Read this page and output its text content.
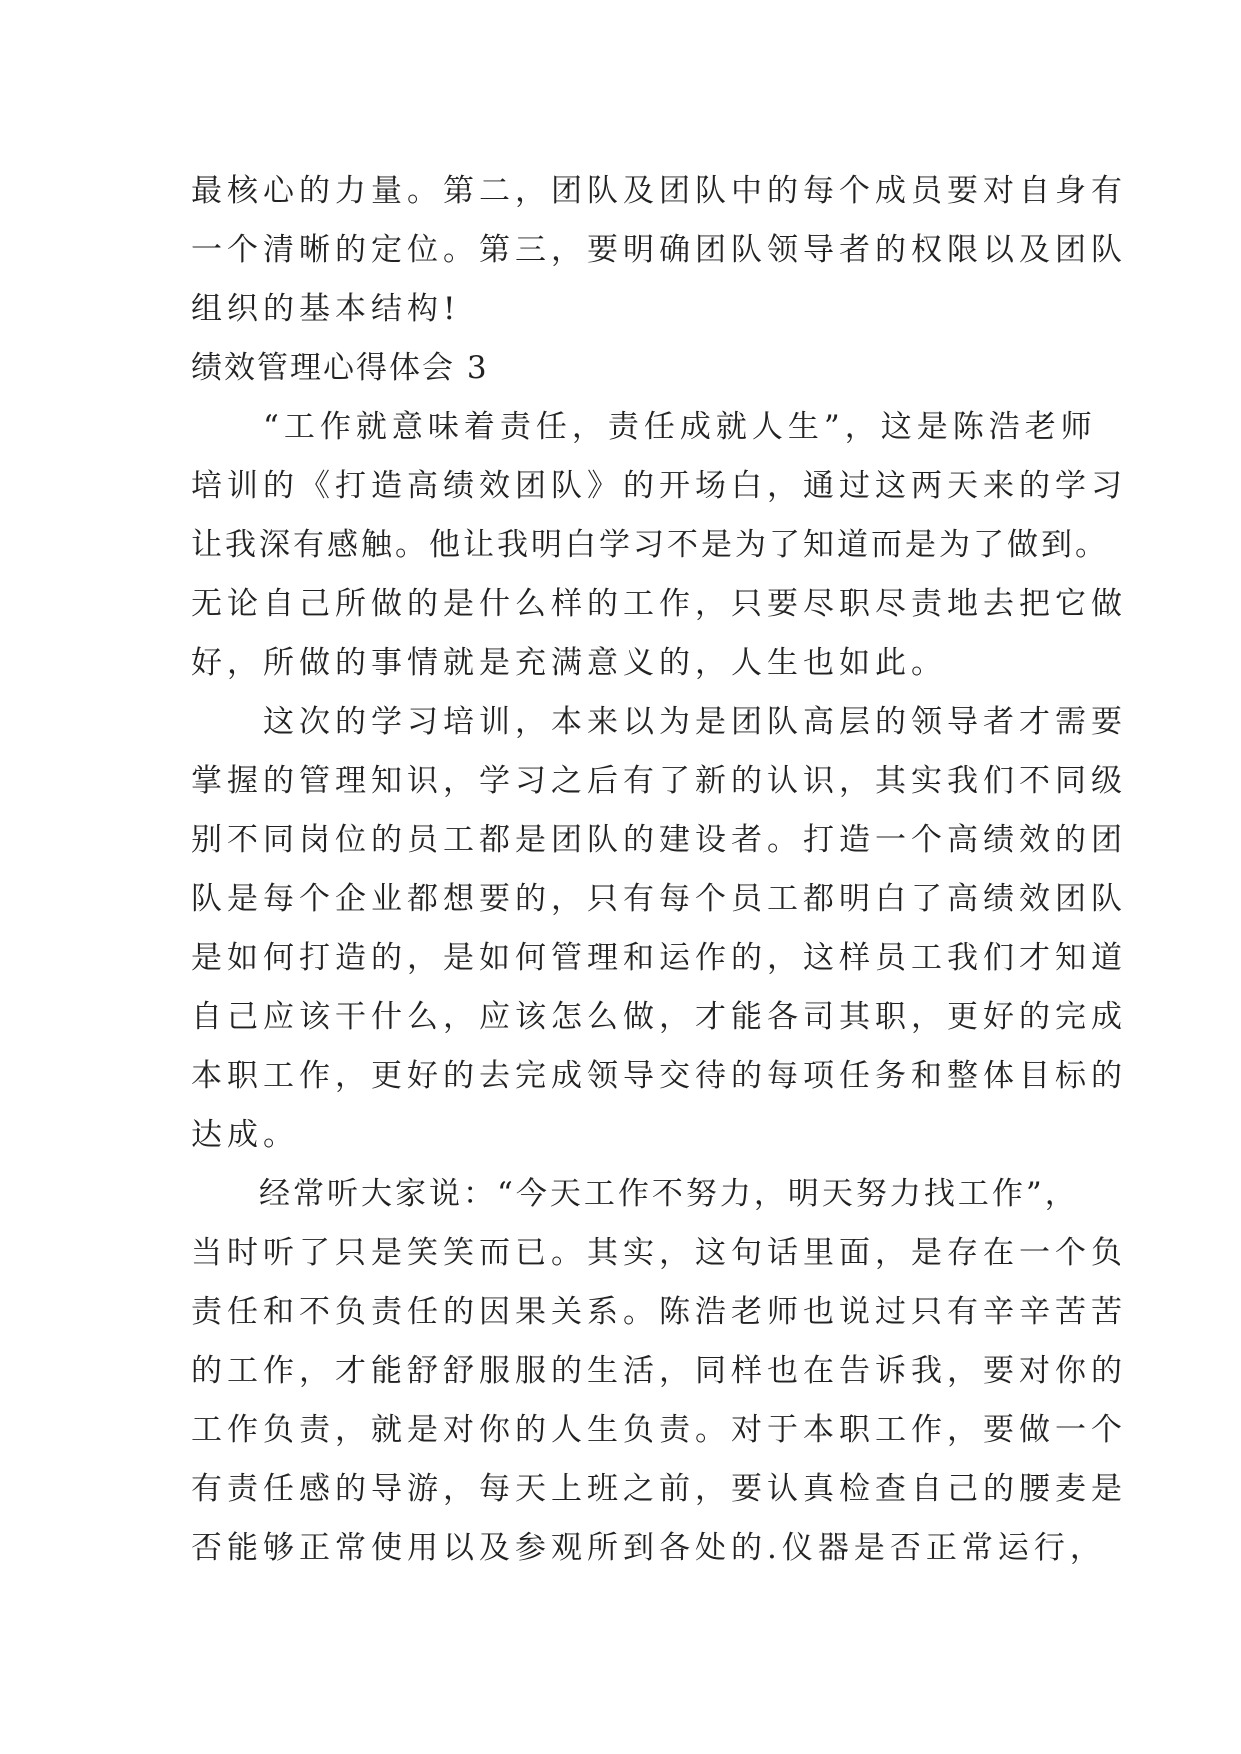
最核心的力量。第二，团队及团队中的每个成员要对自身有
一个清晰的定位。第三，要明确团队领导者的权限以及团队
组织的基本结构!
绩效管理心得体会 3
　　“工作就意味着责任，责任成就人生”，这是陈浩老师
培训的《打造高绩效团队》的开场白，通过这两天来的学习
让我深有感触。他让我明白学习不是为了知道而是为了做到。
无论自己所做的是什么样的工作，只要尽职尽责地去把它做
好，所做的事情就是充满意义的，人生也如此。
　　这次的学习培训，本来以为是团队高层的领导者才需要
掌握的管理知识，学习之后有了新的认识，其实我们不同级
别不同岗位的员工都是团队的建设者。打造一个高绩效的团
队是每个企业都想要的，只有每个员工都明白了高绩效团队
是如何打造的，是如何管理和运作的，这样员工我们才知道
自己应该干什么，应该怎么做，才能各司其职，更好的完成
本职工作，更好的去完成领导交待的每项任务和整体目标的
达成。
　　经常听大家说：“今天工作不努力，明天努力找工作”，
当时听了只是笑笑而已。其实，这句话里面，是存在一个负
责任和不负责任的因果关系。陈浩老师也说过只有辛辛苦苦
的工作，才能舒舒服服的生活，同样也在告诉我，要对你的
工作负责，就是对你的人生负责。对于本职工作，要做一个
有责任感的导游，每天上班之前，要认真检查自己的腰麦是
否能够正常使用以及参观所到各处的.仪器是否正常运行，
